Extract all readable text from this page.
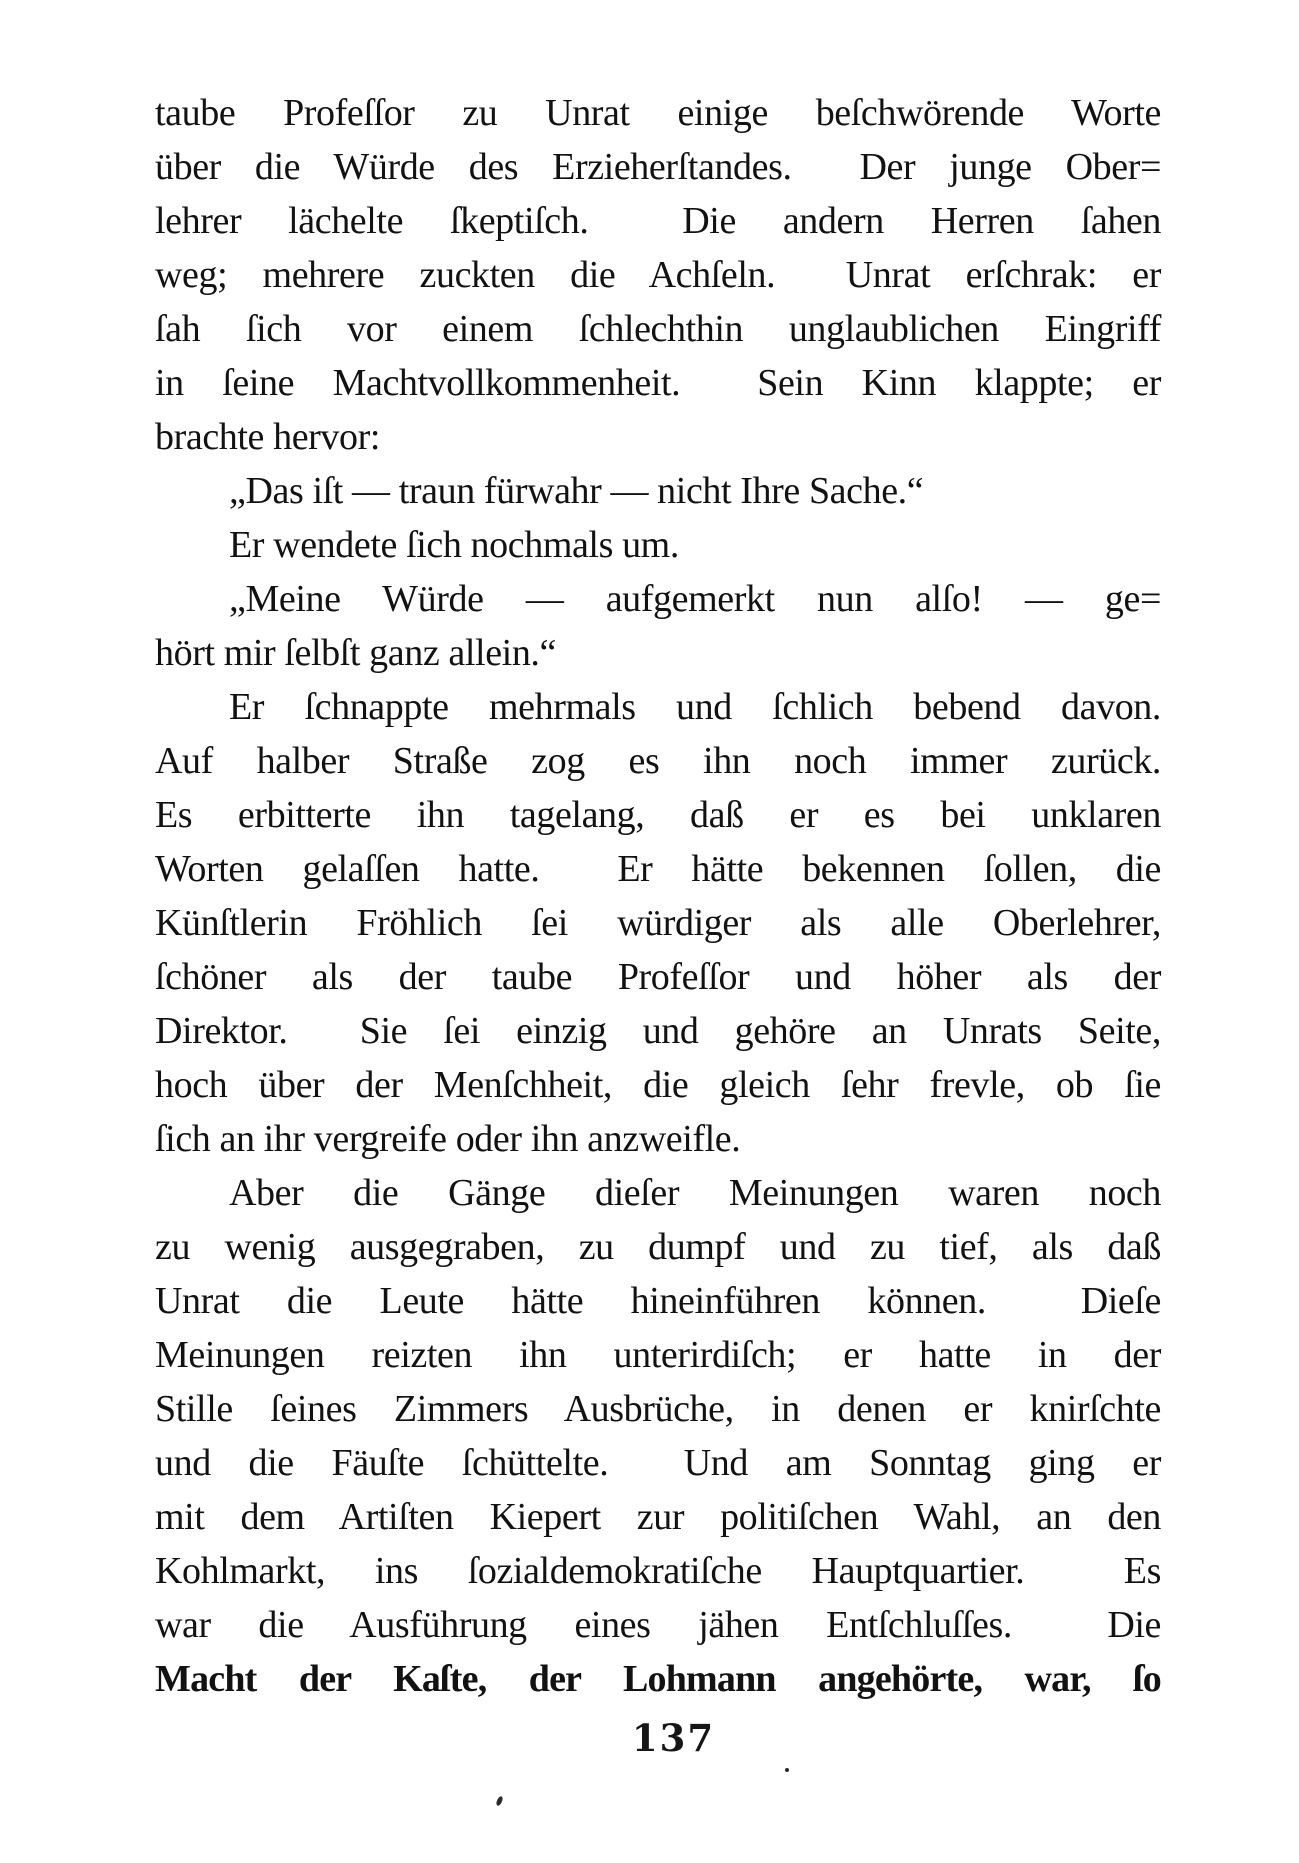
taube Profeſſor zu Unrat einige beſchwörende Worte
über die Würde des Erzieherſtandes.  Der junge Ober=
lehrer lächelte ſkeptiſch.  Die andern Herren ſahen
weg; mehrere zuckten die Achſeln.  Unrat erſchrak: er
ſah ſich vor einem ſchlechthin unglaublichen Eingriff
in ſeine Machtvollkommenheit.  Sein Kinn klappte; er
brachte hervor:
„Das iſt — traun fürwahr — nicht Ihre Sache.“
Er wendete ſich nochmals um.
„Meine Würde — aufgemerkt nun alſo! — ge=
hört mir ſelbſt ganz allein.“
Er ſchnappte mehrmals und ſchlich bebend davon.
Auf halber Straße zog es ihn noch immer zurück.
Es erbitterte ihn tagelang, daß er es bei unklaren
Worten gelaſſen hatte.  Er hätte bekennen ſollen, die
Künſtlerin Fröhlich ſei würdiger als alle Oberlehrer,
ſchöner als der taube Profeſſor und höher als der
Direktor.  Sie ſei einzig und gehöre an Unrats Seite,
hoch über der Menſchheit, die gleich ſehr frevle, ob ſie
ſich an ihr vergreife oder ihn anzweifle.
Aber die Gänge dieſer Meinungen waren noch
zu wenig ausgegraben, zu dumpf und zu tief, als daß
Unrat die Leute hätte hineinführen können.  Dieſe
Meinungen reizten ihn unterirdiſch; er hatte in der
Stille ſeines Zimmers Ausbrüche, in denen er knirſchte
und die Fäuſte ſchüttelte.  Und am Sonntag ging er
mit dem Artiſten Kiepert zur politiſchen Wahl, an den
Kohlmarkt, ins ſozialdemokratiſche Hauptquartier.  Es
war die Ausführung eines jähen Entſchluſſes.  Die
Macht der Kaſte, der Lohmann angehörte, war, ſo
137
